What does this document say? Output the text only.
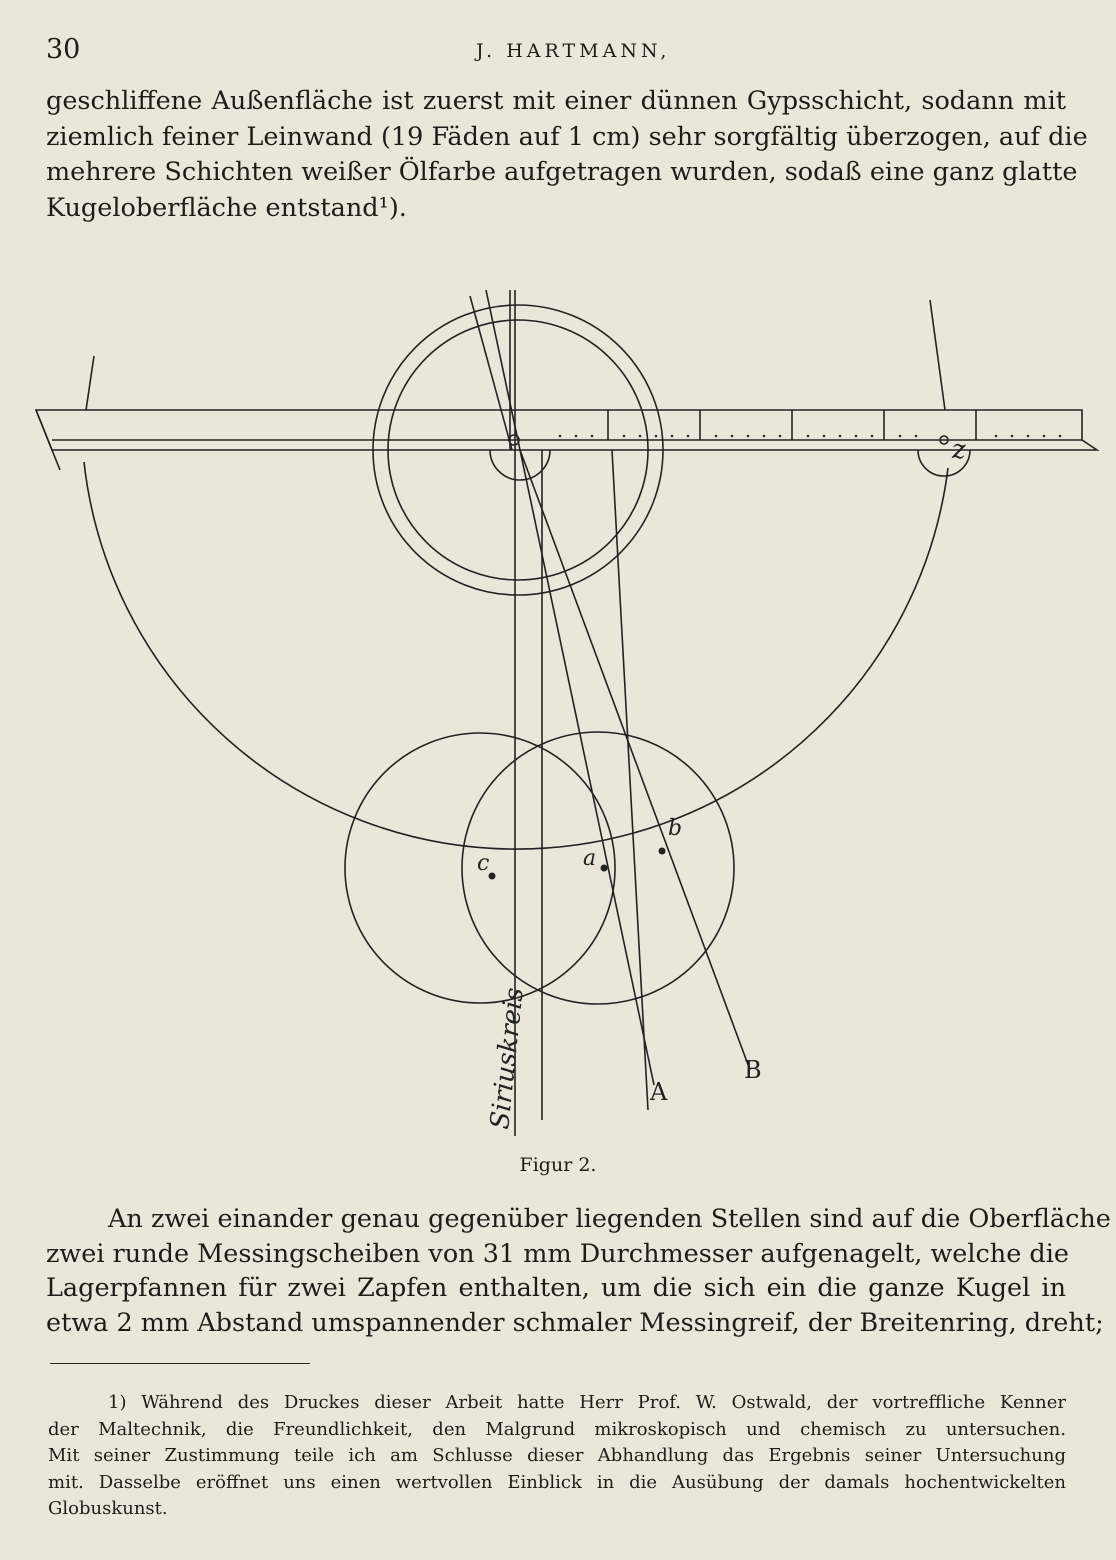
30	J. HARTMANN,
geschliffene Außenfläche ist zuerst mit einer dünnen Gypsschicht, sodann mit
ziemlich feiner Leinwand (19 Fäden auf 1 cm) sehr sorgfältig überzogen, auf die
mehrere Schichten weißer Ölfarbe aufgetragen wurden, sodaß eine ganz glatte
Kugeloberfläche entstand¹).
z
c	a
b
A
B
Siriuskreis
Figur 2.
An zwei einander genau gegenüber liegenden Stellen sind auf die Oberfläche
zwei runde Messingscheiben von 31 mm Durchmesser aufgenagelt, welche die
Lagerpfannen für zwei Zapfen enthalten, um die sich ein die ganze Kugel in
etwa 2 mm Abstand umspannender schmaler Messingreif, der Breitenring, dreht;
1) Während des Druckes dieser Arbeit hatte Herr Prof. W. Ostwald, der vortreffliche Kenner
der Maltechnik, die Freundlichkeit, den Malgrund mikroskopisch und chemisch zu untersuchen.
Mit seiner Zustimmung teile ich am Schlusse dieser Abhandlung das Ergebnis seiner Untersuchung
mit. Dasselbe eröffnet uns einen wertvollen Einblick in die Ausübung der damals hochentwickelten
Globuskunst.
